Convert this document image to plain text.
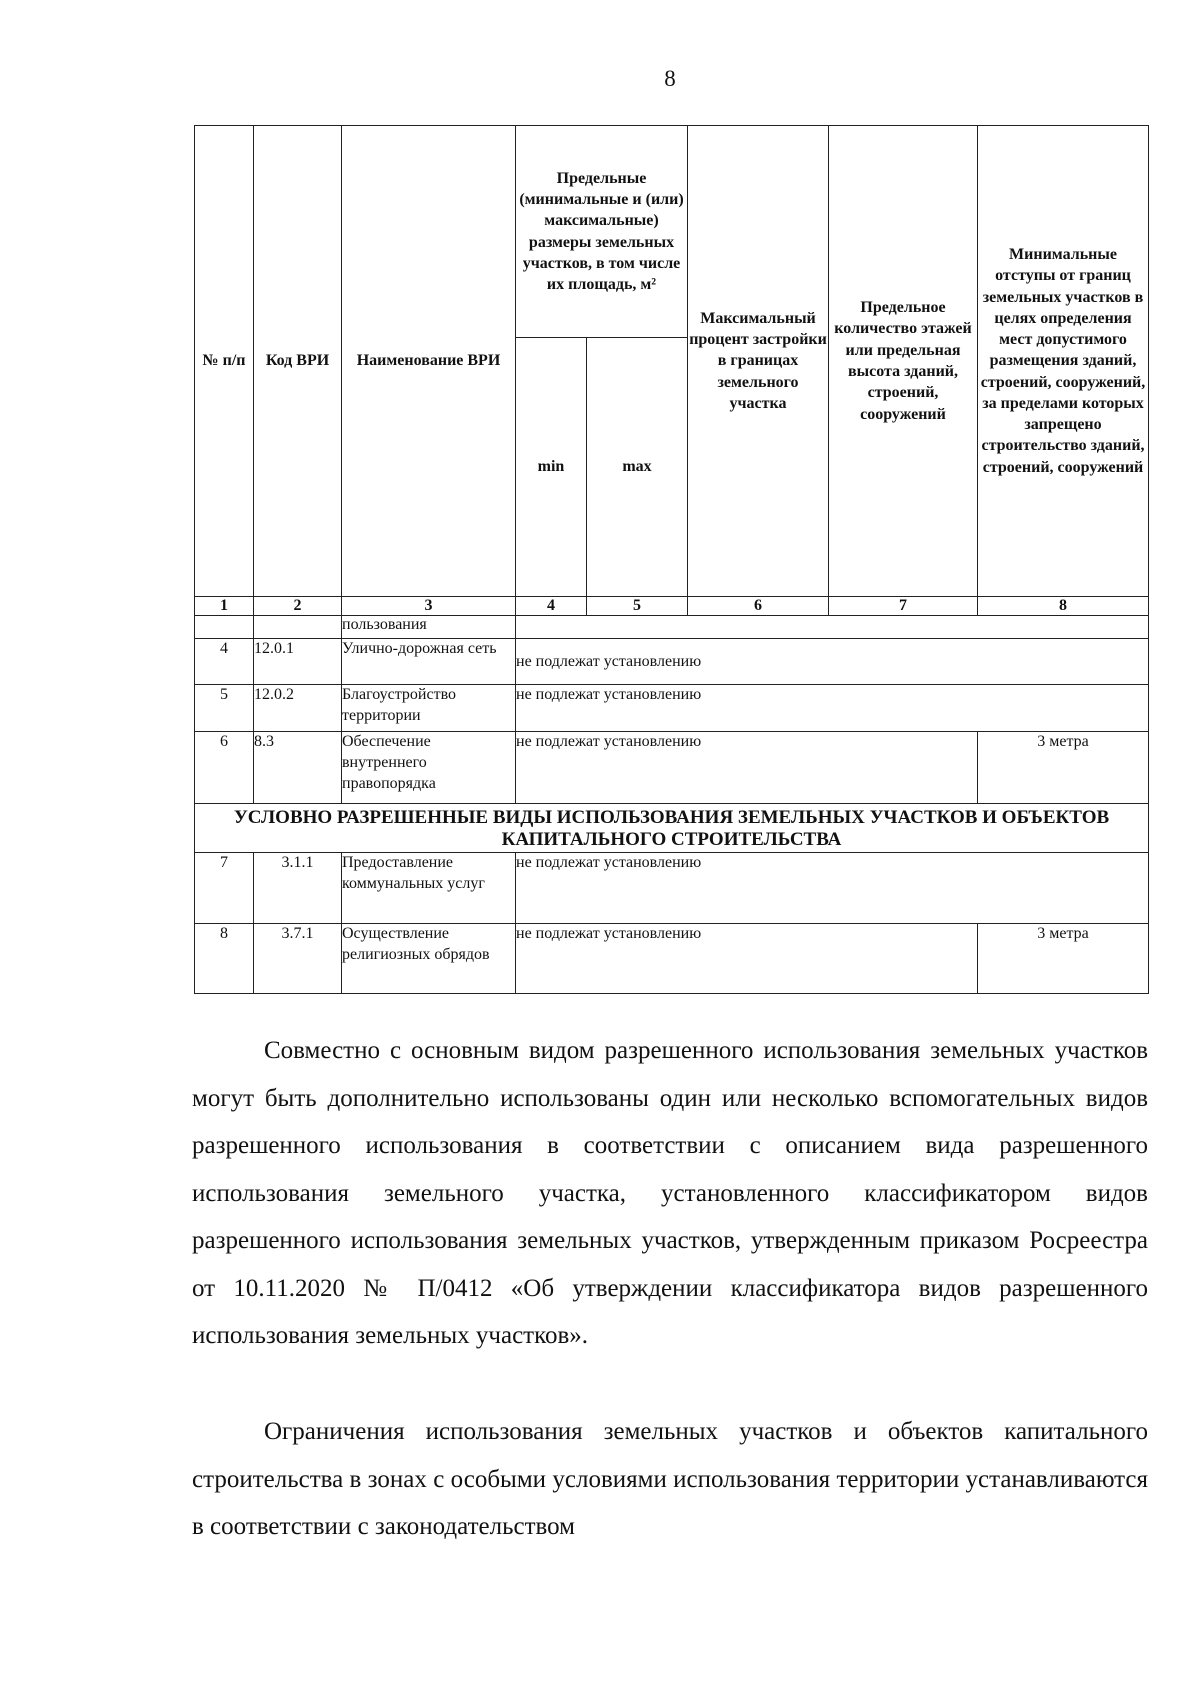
8
№ п/п	Код ВРИ	Наименование ВРИ	Предельные (минимальные и (или) максимальные) размеры земельных участков, в том числе их площадь, м²		Максимальный процент застройки в границах земельного участка	Предельное количество этажей или предельная высота зданий, строений, сооружений	Минимальные отступы от границ земельных участков в целях определения мест допустимого размещения зданий, строений, сооружений, за пределами которых запрещено строительство зданий, строений, сооружений
			min	max			
1	2	3	4	5	6	7	8
		пользования					
4	12.0.1	Улично-дорожная сеть	не подлежат установлению				
5	12.0.2	Благоустройство территории	не подлежат установлению				
6	8.3	Обеспечение внутреннего правопорядка	не подлежат установлению				3 метра
УСЛОВНО РАЗРЕШЕННЫЕ ВИДЫ ИСПОЛЬЗОВАНИЯ ЗЕМЕЛЬНЫХ УЧАСТКОВ И ОБЪЕКТОВ КАПИТАЛЬНОГО СТРОИТЕЛЬСТВА							
7	3.1.1	Предоставление коммунальных услуг	не подлежат установлению				
8	3.7.1	Осуществление религиозных обрядов	не подлежат установлению				3 метра

Совместно с основным видом разрешенного использования земельных участков могут быть дополнительно использованы один или несколько вспомогательных видов разрешенного использования в соответствии с описанием вида разрешенного использования земельного участка, установленного классификатором видов разрешенного использования земельных участков, утвержденным приказом Росреестра от 10.11.2020 № П/0412 «Об утверждении классификатора видов разрешенного использования земельных участков».

Ограничения использования земельных участков и объектов капитального строительства в зонах с особыми условиями использования территории устанавливаются в соответствии с законодательством
